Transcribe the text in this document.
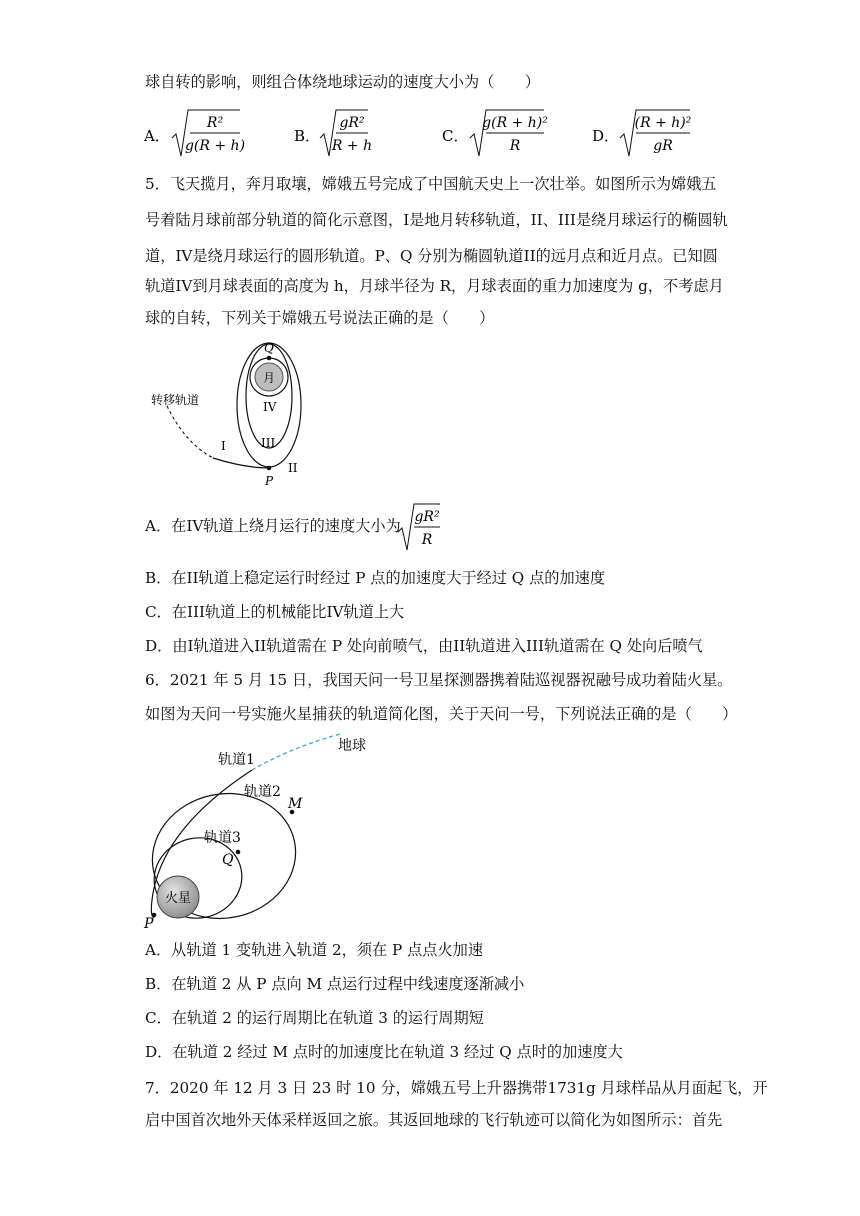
球自转的影响，则组合体绕地球运动的速度大小为（　　）
A．
R²
g(R + h)
B．
gR²
R + h
C．
g(R + h)²
R
D．
(R + h)²
gR
5．飞天揽月，奔月取壤，嫦娥五号完成了中国航天史上一次壮举。如图所示为嫦娥五
号着陆月球前部分轨道的简化示意图，I是地月转移轨道，II、III是绕月球运行的椭圆轨
道，IV是绕月球运行的圆形轨道。P、Q 分别为椭圆轨道II的远月点和近月点。已知圆
轨道IV到月球表面的高度为 h，月球半径为 R，月球表面的重力加速度为 g，不考虑月
球的自转，下列关于嫦娥五号说法正确的是（　　）
月
转移轨道
I
II
III
IV
P
Q
A．在IV轨道上绕月运行的速度大小为 gR²
R
B．在II轨道上稳定运行时经过 P 点的加速度大于经过 Q 点的加速度
C．在III轨道上的机械能比IV轨道上大
D．由I轨道进入II轨道需在 P 处向前喷气，由II轨道进入III轨道需在 Q 处向后喷气
6．2021 年 5 月 15 日，我国天问一号卫星探测器携着陆巡视器祝融号成功着陆火星。
如图为天问一号实施火星捕获的轨道简化图，关于天问一号，下列说法正确的是（　　）
火星
地球
轨道1
轨道2
轨道3
M
Q
P
A．从轨道 1 变轨进入轨道 2，须在 P 点点火加速
B．在轨道 2 从 P 点向 M 点运行过程中线速度逐渐减小
C．在轨道 2 的运行周期比在轨道 3 的运行周期短
D．在轨道 2 经过 M 点时的加速度比在轨道 3 经过 Q 点时的加速度大
7．2020 年 12 月 3 日 23 时 10 分，嫦娥五号上升器携带1731g 月球样品从月面起飞，开
启中国首次地外天体采样返回之旅。其返回地球的飞行轨迹可以简化为如图所示：首先
